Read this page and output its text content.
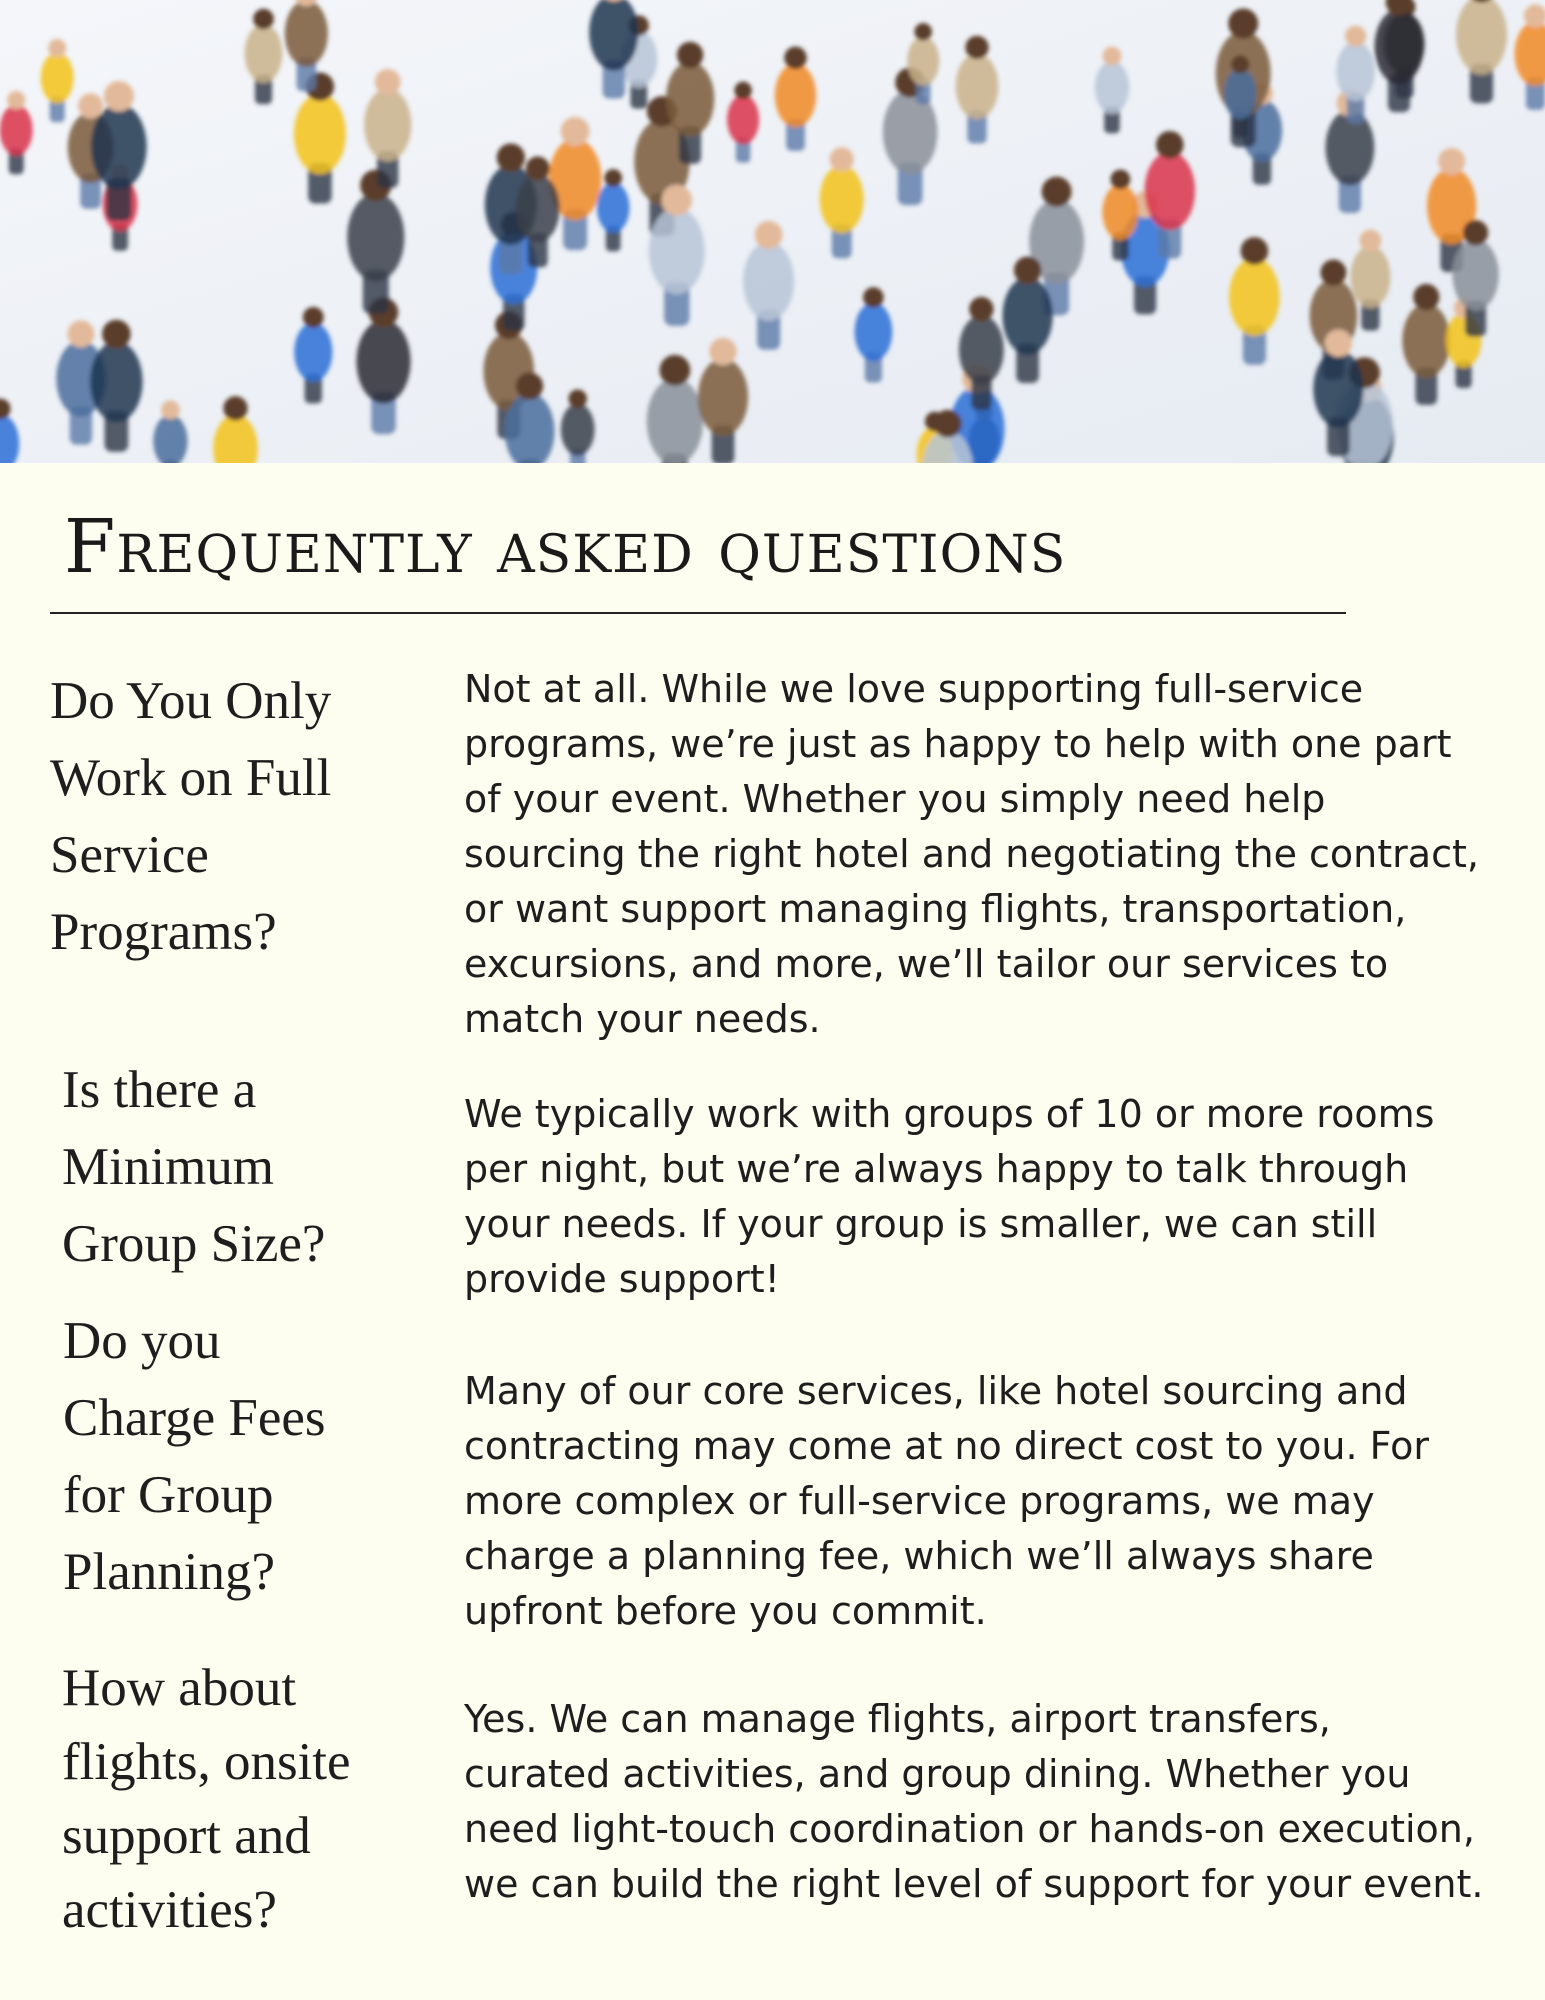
Frequently asked questions
Do You Only Work on Full Service Programs?
Not at all. While we love supporting full-service programs, we’re just as happy to help with one part of your event. Whether you simply need help sourcing the right hotel and negotiating the contract, or want support managing flights, transportation, excursions, and more, we’ll tailor our services to match your needs.
Is there a Minimum Group Size?
We typically work with groups of 10 or more rooms per night, but we’re always happy to talk through your needs. If your group is smaller, we can still provide support!
Do you Charge Fees for Group Planning?
Many of our core services, like hotel sourcing and contracting may come at no direct cost to you. For more complex or full-service programs, we may charge a planning fee, which we’ll always share upfront before you commit.
How about flights, onsite support and activities?
Yes. We can manage flights, airport transfers, curated activities, and group dining. Whether you need light-touch coordination or hands-on execution, we can build the right level of support for your event.
